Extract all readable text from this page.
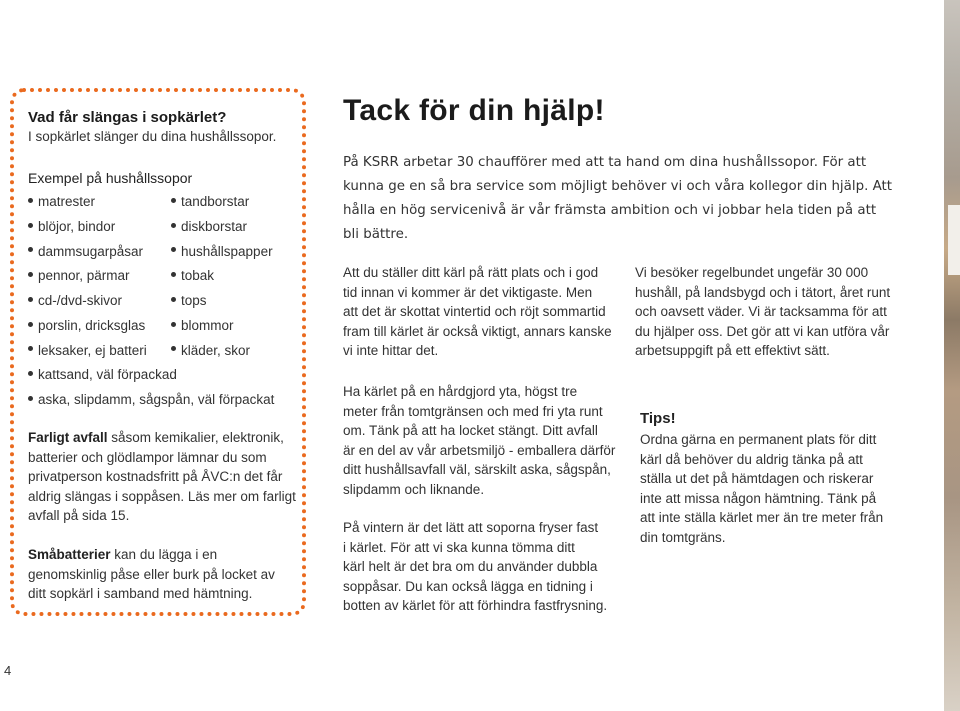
Vad får slängas i sopkärlet?
I sopkärlet slänger du dina hushållssopor.
Exempel på hushållssopor
matrester
blöjor, bindor
dammsugarpåsar
pennor, pärmar
cd-/dvd-skivor
porslin, dricksglas
leksaker, ej batteri
kattsand, väl förpackad
aska, slipdamm, sågspån, väl förpackat
tandborstar
diskborstar
hushållspapper
tobak
tops
blommor
kläder, skor
Farligt avfall såsom kemikalier, elektronik,
batterier och glödlampor lämnar du som
privatperson kostnadsfritt på ÅVC:n det får
aldrig slängas i soppåsen. Läs mer om farligt
avfall på sida 15.
Småbatterier kan du lägga i en
genomskinlig påse eller burk på locket av
ditt sopkärl i samband med hämtning.
Tack för din hjälp!
På KSRR arbetar 30 chaufförer med att ta hand om dina hushållssopor. För att
kunna ge en så bra service som möjligt behöver vi och våra kollegor din hjälp. Att
hålla en hög servicenivå är vår främsta ambition och vi jobbar hela tiden på att
bli bättre.
Att du ställer ditt kärl på rätt plats och i god
tid innan vi kommer är det viktigaste. Men
att det är skottat vintertid och röjt sommartid
fram till kärlet är också viktigt, annars kanske
vi inte hittar det.
Ha kärlet på en hårdgjord yta, högst tre
meter från tomtgränsen och med fri yta runt
om. Tänk på att ha locket stängt. Ditt avfall
är en del av vår arbetsmiljö - emballera därför
ditt hushållsavfall väl, särskilt aska, sågspån,
slipdamm och liknande.
På vintern är det lätt att soporna fryser fast
i kärlet. För att vi ska kunna tömma ditt
kärl helt är det bra om du använder dubbla
soppåsar. Du kan också lägga en tidning i
botten av kärlet för att förhindra fastfrysning.
Vi besöker regelbundet ungefär 30 000
hushåll, på landsbygd och i tätort, året runt
och oavsett väder. Vi är tacksamma för att
du hjälper oss. Det gör att vi kan utföra vår
arbetsuppgift på ett effektivt sätt.
Tips!
Ordna gärna en permanent plats för ditt
kärl då behöver du aldrig tänka på att
ställa ut det på hämtdagen och riskerar
inte att missa någon hämtning. Tänk på
att inte ställa kärlet mer än tre meter från
din tomtgräns.
4
